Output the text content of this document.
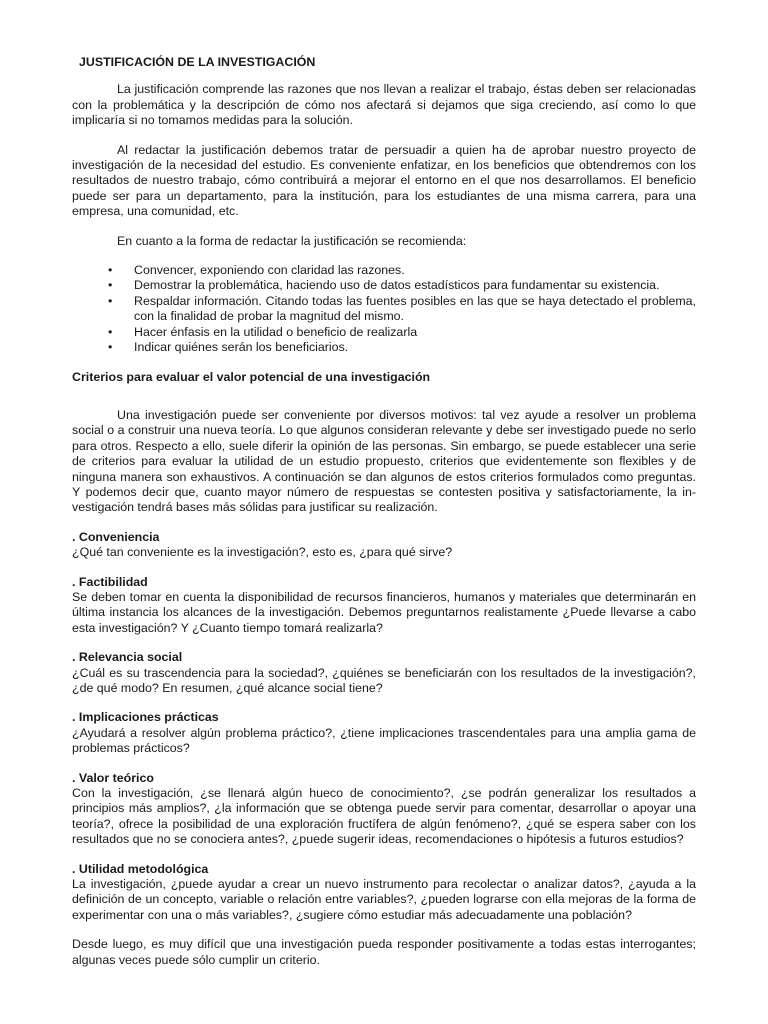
JUSTIFICACIÓN DE LA INVESTIGACIÓN

La justificación comprende las razones que nos llevan a realizar el trabajo, éstas deben ser relacionadas con la problemática y la descripción de cómo nos afectará si dejamos que siga creciendo, así como lo que implicaría si no tomamos medidas para la solución.

Al redactar la justificación debemos tratar de persuadir a quien ha de aprobar nuestro proyecto de investigación de la necesidad del estudio. Es conveniente enfatizar, en los beneficios que obtendremos con los resultados de nuestro trabajo, cómo contribuirá a mejorar el entorno en el que nos desarrollamos. El beneficio puede ser para un departamento, para la institución, para los estudiantes de una misma carrera, para una empresa, una comunidad, etc.

En cuanto a la forma de redactar la justificación se recomienda:

• Convencer, exponiendo con claridad las razones.
• Demostrar la problemática, haciendo uso de datos estadísticos para fundamentar su existencia.
• Respaldar información. Citando todas las fuentes posibles en las que se haya detectado el problema, con la finalidad de probar la magnitud del mismo.
• Hacer énfasis en la utilidad o beneficio de realizarla
• Indicar quiénes serán los beneficiarios.

Criterios para evaluar el valor potencial de una investigación

Una investigación puede ser conveniente por diversos motivos: tal vez ayude a resolver un problema social o a construir una nueva teoría. Lo que algunos consideran relevante y debe ser investigado puede no serlo para otros. Respecto a ello, suele diferir la opinión de las personas. Sin embargo, se puede establecer una serie de criterios para evaluar la utilidad de un estudio propuesto, criterios que evidentemente son flexibles y de ninguna manera son exhaustivos. A continuación se dan algunos de estos criterios formulados como preguntas. Y podemos decir que, cuanto mayor número de respuestas se contesten positiva y satisfactoriamente, la in-vestigación tendrá bases más sólidas para justificar su realización.

. Conveniencia

¿Qué tan conveniente es la investigación?, esto es, ¿para qué sirve?

. Factibilidad

Se deben tomar en cuenta la disponibilidad de recursos financieros, humanos y materiales que determinarán en última instancia los alcances de la investigación. Debemos preguntarnos realistamente ¿Puede llevarse a cabo esta investigación? Y ¿Cuanto tiempo tomará realizarla?

. Relevancia social

¿Cuál es su trascendencia para la sociedad?, ¿quiénes se beneficiarán con los resultados de la investigación?, ¿de qué modo? En resumen, ¿qué alcance social tiene?

. Implicaciones prácticas

¿Ayudará a resolver algún problema práctico?, ¿tiene implicaciones trascendentales para una amplia gama de problemas prácticos?

. Valor teórico

Con la investigación, ¿se llenará algún hueco de conocimiento?, ¿se podrán generalizar los resultados a principios más amplios?, ¿la información que se obtenga puede servir para comentar, desarrollar o apoyar una teoría?, ofrece la posibilidad de una exploración fructífera de algún fenómeno?, ¿qué se espera saber con los resultados que no se conociera antes?, ¿puede sugerir ideas, recomendaciones o hipótesis a futuros estudios?

. Utilidad metodológica

La investigación, ¿puede ayudar a crear un nuevo instrumento para recolectar o analizar datos?, ¿ayuda a la definición de un concepto, variable o relación entre variables?, ¿pueden lograrse con ella mejoras de la forma de experimentar con una o más variables?, ¿sugiere cómo estudiar más adecuadamente una población?

Desde luego, es muy difícil que una investigación pueda responder positivamente a todas estas interrogantes; algunas veces puede sólo cumplir un criterio.
